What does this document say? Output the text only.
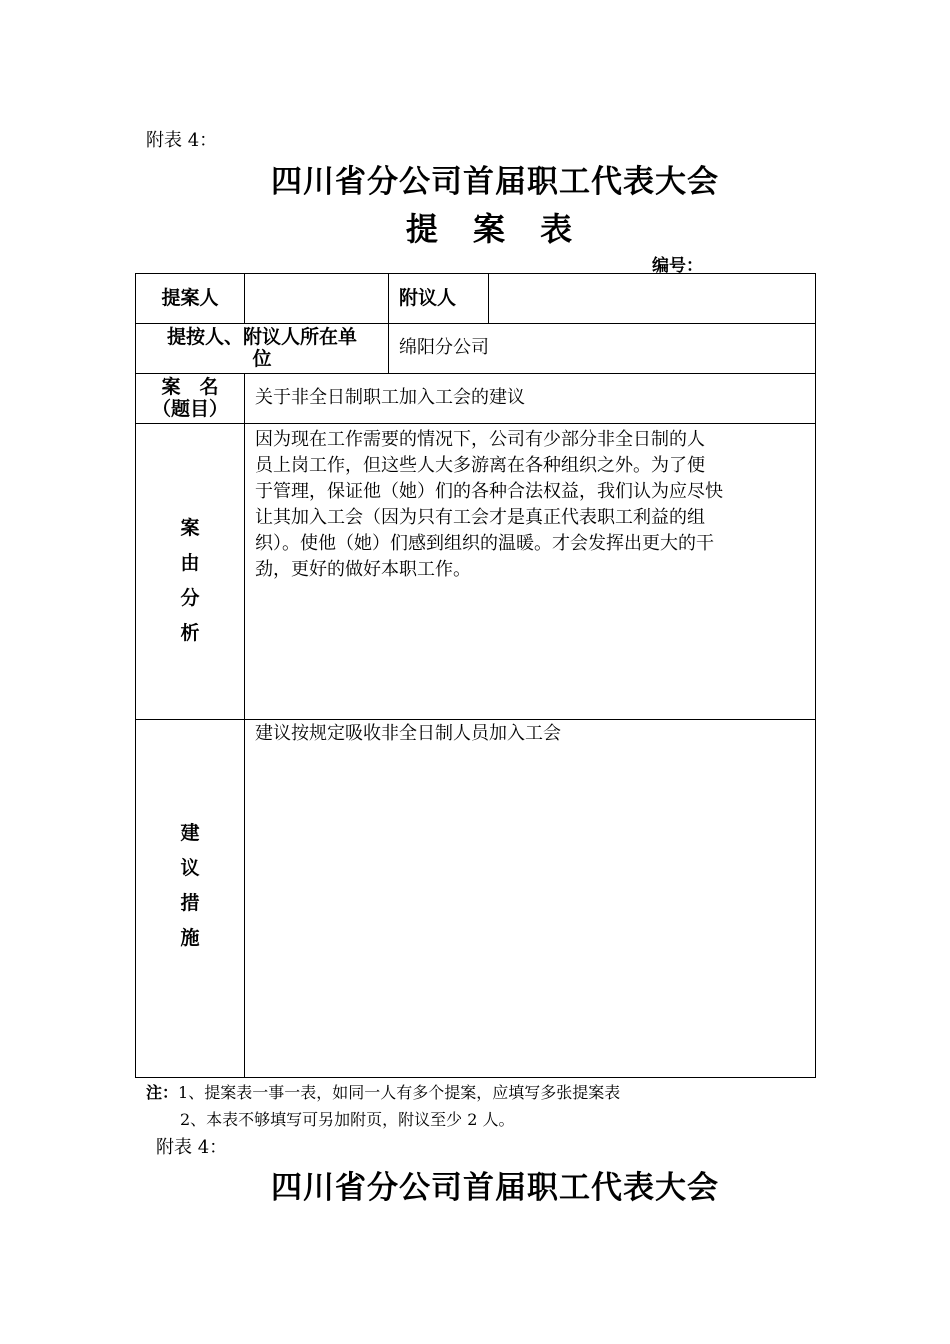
附表 4：
四川省分公司首届职工代表大会
提 案 表
编号：
提案人	附议人
提按人、附议人所在单
位
绵阳分公司
案　名
（题目）
关于非全日制职工加入工会的建议
案
由
分
析
因为现在工作需要的情况下，公司有少部分非全日制的人
员上岗工作，但这些人大多游离在各种组织之外。为了便
于管理，保证他（她）们的各种合法权益，我们认为应尽快
让其加入工会（因为只有工会才是真正代表职工利益的组
织）。使他（她）们感到组织的温暖。才会发挥出更大的干
劲，更好的做好本职工作。
建
议
措
施
建议按规定吸收非全日制人员加入工会
注：1、提案表一事一表，如同一人有多个提案，应填写多张提案表
2、本表不够填写可另加附页，附议至少 2 人。
附表 4：
四川省分公司首届职工代表大会
